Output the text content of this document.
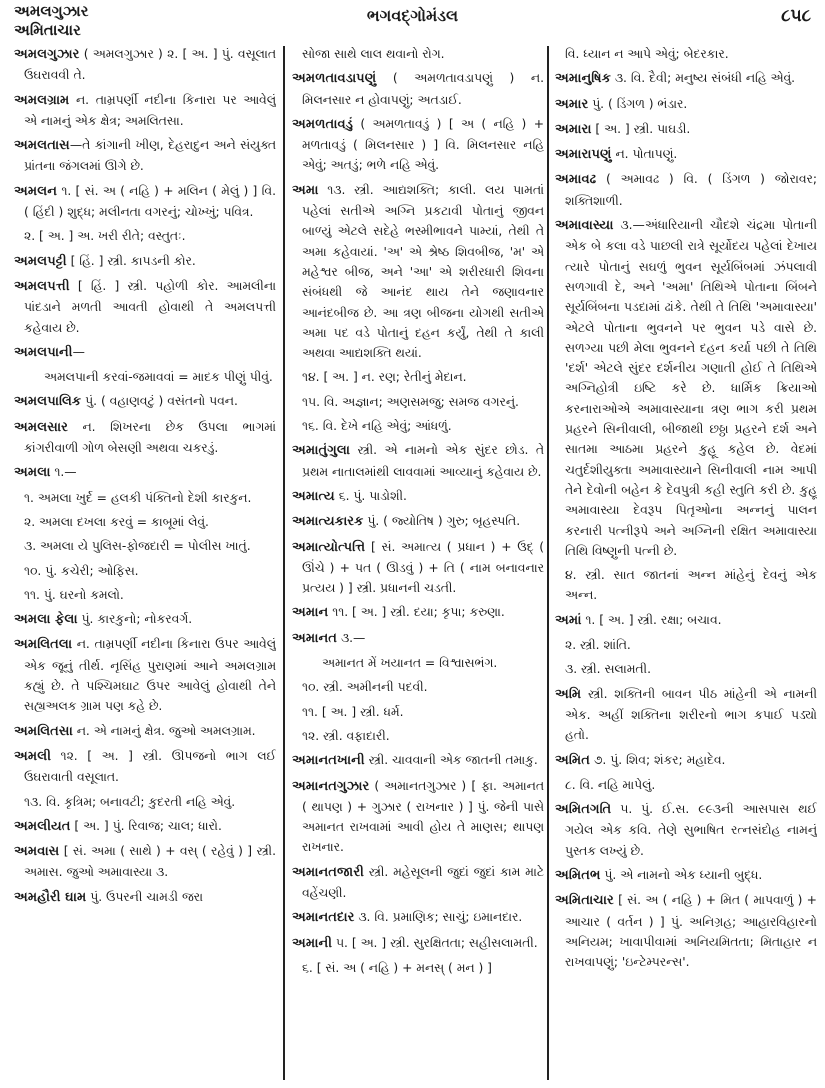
અમલગુઝાર
અમિતાચાર
ભગવદ્ગોમંડલ	૮૫૮

અમલગુઝાર ( અમલગુઝાર ) ૨. [ અ. ] પું. વસૂલાત ઉઘરાવવી તે.

અમલગ્રામ ન. તામ્રપર્ણી નદીના કિનારા પર આવેલું એ નામનું એક ક્ષેત્ર; અમલિતસા.

અમલતાસ—તે કાંગાની ખીણ, દેહરાદુન અને સંયુક્ત પ્રાંતના જંગલમાં ઊગે છે.

અમલન ૧. [ સં. અ ( નહિ ) + મલિન ( મેલું ) ] વિ. ( હિંદી ) શુદ્ધ; મલીનતા વગરનું; ચોખ્ખું; પવિત્ર.

૨. [ અ. ] અ. ખરી રીતે; વસ્તુતઃ.

અમલપટ્ટી [ હિં. ] સ્ત્રી. કાપડની કોર.

અમલપત્તી [ હિં. ] સ્ત્રી. પહોળી કોર. આમલીના પાંદડાને મળતી આવતી હોવાથી તે અમલપત્તી કહેવાય છે.

અમલપાની—

અમલપાની કરવાં-જમાવવાં = માદક પીણું પીવું.

અમલપાલિક પું. ( વહાણવટું ) વસંતનો પવન.

અમલસાર ન. શિખરના છેક ઉપલા ભાગમાં કાંગરીવાળી ગોળ બેસણી અથવા ચકરડું.

અમલા ૧.—

૧. અમલા ખુર્દ = હલકી પંક્તિનો દેશી કારકુન.

૨. અમલા દખલા કરવું = કાબૂમાં લેવું.

૩. અમલા યે પુલિસ-ફોજદારી = પોલીસ ખાતું.

૧૦. પું. કચેરી; ઓફિસ.

૧૧. પું. ઘરનો કમલો.

અમલા ફેલા પું. કારકુનો; નોકરવર્ગ.

અમલિતલા ન. તામ્રપર્ણી નદીના કિનારા ઉપર આવેલું એક જૂનું તીર્થ. નૃસિંહ પુરાણમાં આને અમલગ્રામ કહ્યું છે. તે પશ્ચિમઘાટ ઉપર આવેલું હોવાથી તેને સહ્યઅલક ગ્રામ પણ કહે છે.

અમલિતસા ન. એ નામનું ક્ષેત્ર. જુઓ અમલગ્રામ.

અમલી ૧૨. [ અ. ] સ્ત્રી. ઊપજનો ભાગ લઈ ઉઘરાવાતી વસૂલાત.

૧૩. વિ. કૃત્રિમ; બનાવટી; કુદરતી નહિ એવું.

અમલીયત [ અ. ] પું. રિવાજ; ચાલ; ધારો.

અમવાસ [ સં. અમા ( સાથે ) + વસ્ ( રહેવું ) ] સ્ત્રી. અમાસ. જુઓ અમાવાસ્યા ૩.

અમહૌરી ઘામ પું. ઉપરની ચામડી જરા

સોજા સાથે લાલ થવાનો રોગ.

અમળતાવડાપણું ( અમળતાવડાપણું ) ન. મિલનસાર ન હોવાપણું; અતડાઈ.

અમળતાવડું ( અમળતાવડું ) [ અ ( નહિ ) + મળતાવડું ( મિલનસાર ) ] વિ. મિલનસાર નહિ એવું; અતડું; ભળે નહિ એવું.

અમા ૧૩. સ્ત્રી. આદ્યશક્તિ; કાલી. લય પામતાં પહેલાં સતીએ અગ્નિ પ્રકટાવી પોતાનું જીવન બાળ્યું એટલે સદેહે ભસ્મીભાવને પામ્યાં, તેથી તે અમા કહેવાયાં. 'અ' એ શ્રેષ્ઠ શિવબીજ, 'મ' એ મહેશ્વર બીજ, અને 'આ' એ શરીરધારી શિવના સંબંધથી જે આનંદ થાય તેને જણાવનાર આનંદબીજ છે. આ ત્રણ બીજના યોગથી સતીએ અમા પદ વડે પોતાનું દહન કર્યું, તેથી તે કાલી અથવા આદ્યશક્તિ થયાં.

૧૪. [ અ. ] ન. રણ; રેતીનું મેદાન.

૧૫. વિ. અજ્ઞાન; અણસમજુ; સમજ વગરનું.

૧૬. વિ. દેખે નહિ એવું; આંધળું.

અમાતુંગુલા સ્ત્રી. એ નામનો એક સુંદર છોડ. તે પ્રથમ નાતાલમાંથી લાવવામાં આવ્યાનું કહેવાય છે.

અમાત્ય ૬. પું. પાડોશી.

અમાત્યકારક પું. ( જ્યોતિષ ) ગુરુ; બૃહસ્પતિ.

અમાત્યોત્પત્તિ [ સં. અમાત્ય ( પ્રધાન ) + ઉદ્ ( ઊંચે ) + પત ( ઊડવું ) + તિ ( નામ બનાવનાર પ્રત્યય ) ] સ્ત્રી. પ્રધાનની ચડતી.

અમાન ૧૧. [ અ. ] સ્ત્રી. દયા; કૃપા; કરુણા.

અમાનત ૩.—

અમાનત મેં ખયાનત = વિશ્વાસભંગ.

૧૦. સ્ત્રી. અમીનની પદવી.

૧૧. [ અ. ] સ્ત્રી. ધર્મ.

૧૨. સ્ત્રી. વફાદારી.

અમાનતખાની સ્ત્રી. ચાવવાની એક જાતની તમાકુ.

અમાનતગુઝાર ( અમાનતગુઝાર ) [ ફા. અમાનત ( થાપણ ) + ગુઝાર ( રાખનાર ) ] પું. જેની પાસે અમાનત રાખવામાં આવી હોય તે માણસ; થાપણ રાખનાર.

અમાનતજારી સ્ત્રી. મહેસૂલની જુદાં જુદાં કામ માટે વહેંચણી.

અમાનતદાર ૩. વિ. પ્રમાણિક; સાચું; ઇમાનદાર.

અમાની ૫. [ અ. ] સ્ત્રી. સુરક્ષિતતા; સહીસલામતી.

૬. [ સં. અ ( નહિ ) + મનસ્ ( મન ) ]

વિ. ધ્યાન ન આપે એવું; બેદરકાર.

અમાનુષિક ૩. વિ. દૈવી; મનુષ્ય સંબંધી નહિ એવું.

અમાર પું. ( ડિંગળ ) ભંડાર.

અમારા [ અ. ] સ્ત્રી. પાઘડી.

અમારાપણું ન. પોતાપણું.

અમાવઢ ( અમાવઢ ) વિ. ( ડિંગળ ) જોરાવર; શક્તિશાળી.

અમાવાસ્યા ૩.—અંધારિયાની ચૌદશે ચંદ્રમા પોતાની એક બે કલા વડે પાછલી રાત્રે સૂર્યોદય પહેલાં દેખાય ત્યારે પોતાનું સઘળું ભુવન સૂર્યબિંબમાં ઝંપલાવી સળગાવી દે, અને 'અમા' તિથિએ પોતાના બિંબને સૂર્યબિંબના પડદામાં ઢાંકે. તેથી તે તિથિ 'અમાવાસ્યા' એટલે પોતાના ભુવનને પર ભુવન પડે વાસે છે. સળગ્યા પછી મેલા ભુવનને દહન કર્યા પછી તે તિથિ 'દર્શ' એટલે સુંદર દર્શનીય ગણાતી હોઈ તે તિથિએ અગ્નિહોત્રી ઇષ્ટિ કરે છે. ધાર્મિક ક્રિયાઓ કરનારાઓએ અમાવાસ્યાના ત્રણ ભાગ કરી પ્રથમ પ્રહરને સિનીવાલી, બીજાથી છઠ્ઠા પ્રહરને દર્શ અને સાતમા આઠમા પ્રહરને કુહૂ કહેલ છે. વેદમાં ચતુર્દશીયુક્તા અમાવાસ્યાને સિનીવાલી નામ આપી તેને દેવોની બહેન કે દેવપુત્રી કહી સ્તુતિ કરી છે. કુહૂ અમાવાસ્યા દેવરૂપ પિતૃઓના અન્નનું પાલન કરનારી પત્નીરૂપે અને અગ્નિની રક્ષિત અમાવાસ્યા તિથિ વિષ્ણુની પત્ની છે.

૪. સ્ત્રી. સાત જાતનાં અન્ન માંહેનું દેવનું એક અન્ન.

અમાં ૧. [ અ. ] સ્ત્રી. રક્ષા; બચાવ.

૨. સ્ત્રી. શાંતિ.

૩. સ્ત્રી. સલામતી.

અમિ સ્ત્રી. શક્તિની બાવન પીઠ માંહેની એ નામની એક. અહીં શક્તિના શરીરનો ભાગ કપાઈ પડ્યો હતો.

અમિત ૭. પું. શિવ; શંકર; મહાદેવ.

૮. વિ. નહિ માપેલું.

અમિતગતિ ૫. પું. ઈ.સ. ૯૯૩ની આસપાસ થઈ ગયેલ એક કવિ. તેણે સુભાષિત રત્નસંદોહ નામનું પુસ્તક લખ્યું છે.

અમિતભ પું. એ નામનો એક ધ્યાની બુદ્ધ.

અમિતાચાર [ સં. અ ( નહિ ) + મિત ( માપવાળું ) + આચાર ( વર્તન ) ] પું. અનિગ્રહ; આહારવિહારનો અનિયમ; ખાવાપીવામાં અનિયમિતતા; મિતાહાર ન રાખવાપણું; 'ઇન્ટેમ્પરન્સ'.
